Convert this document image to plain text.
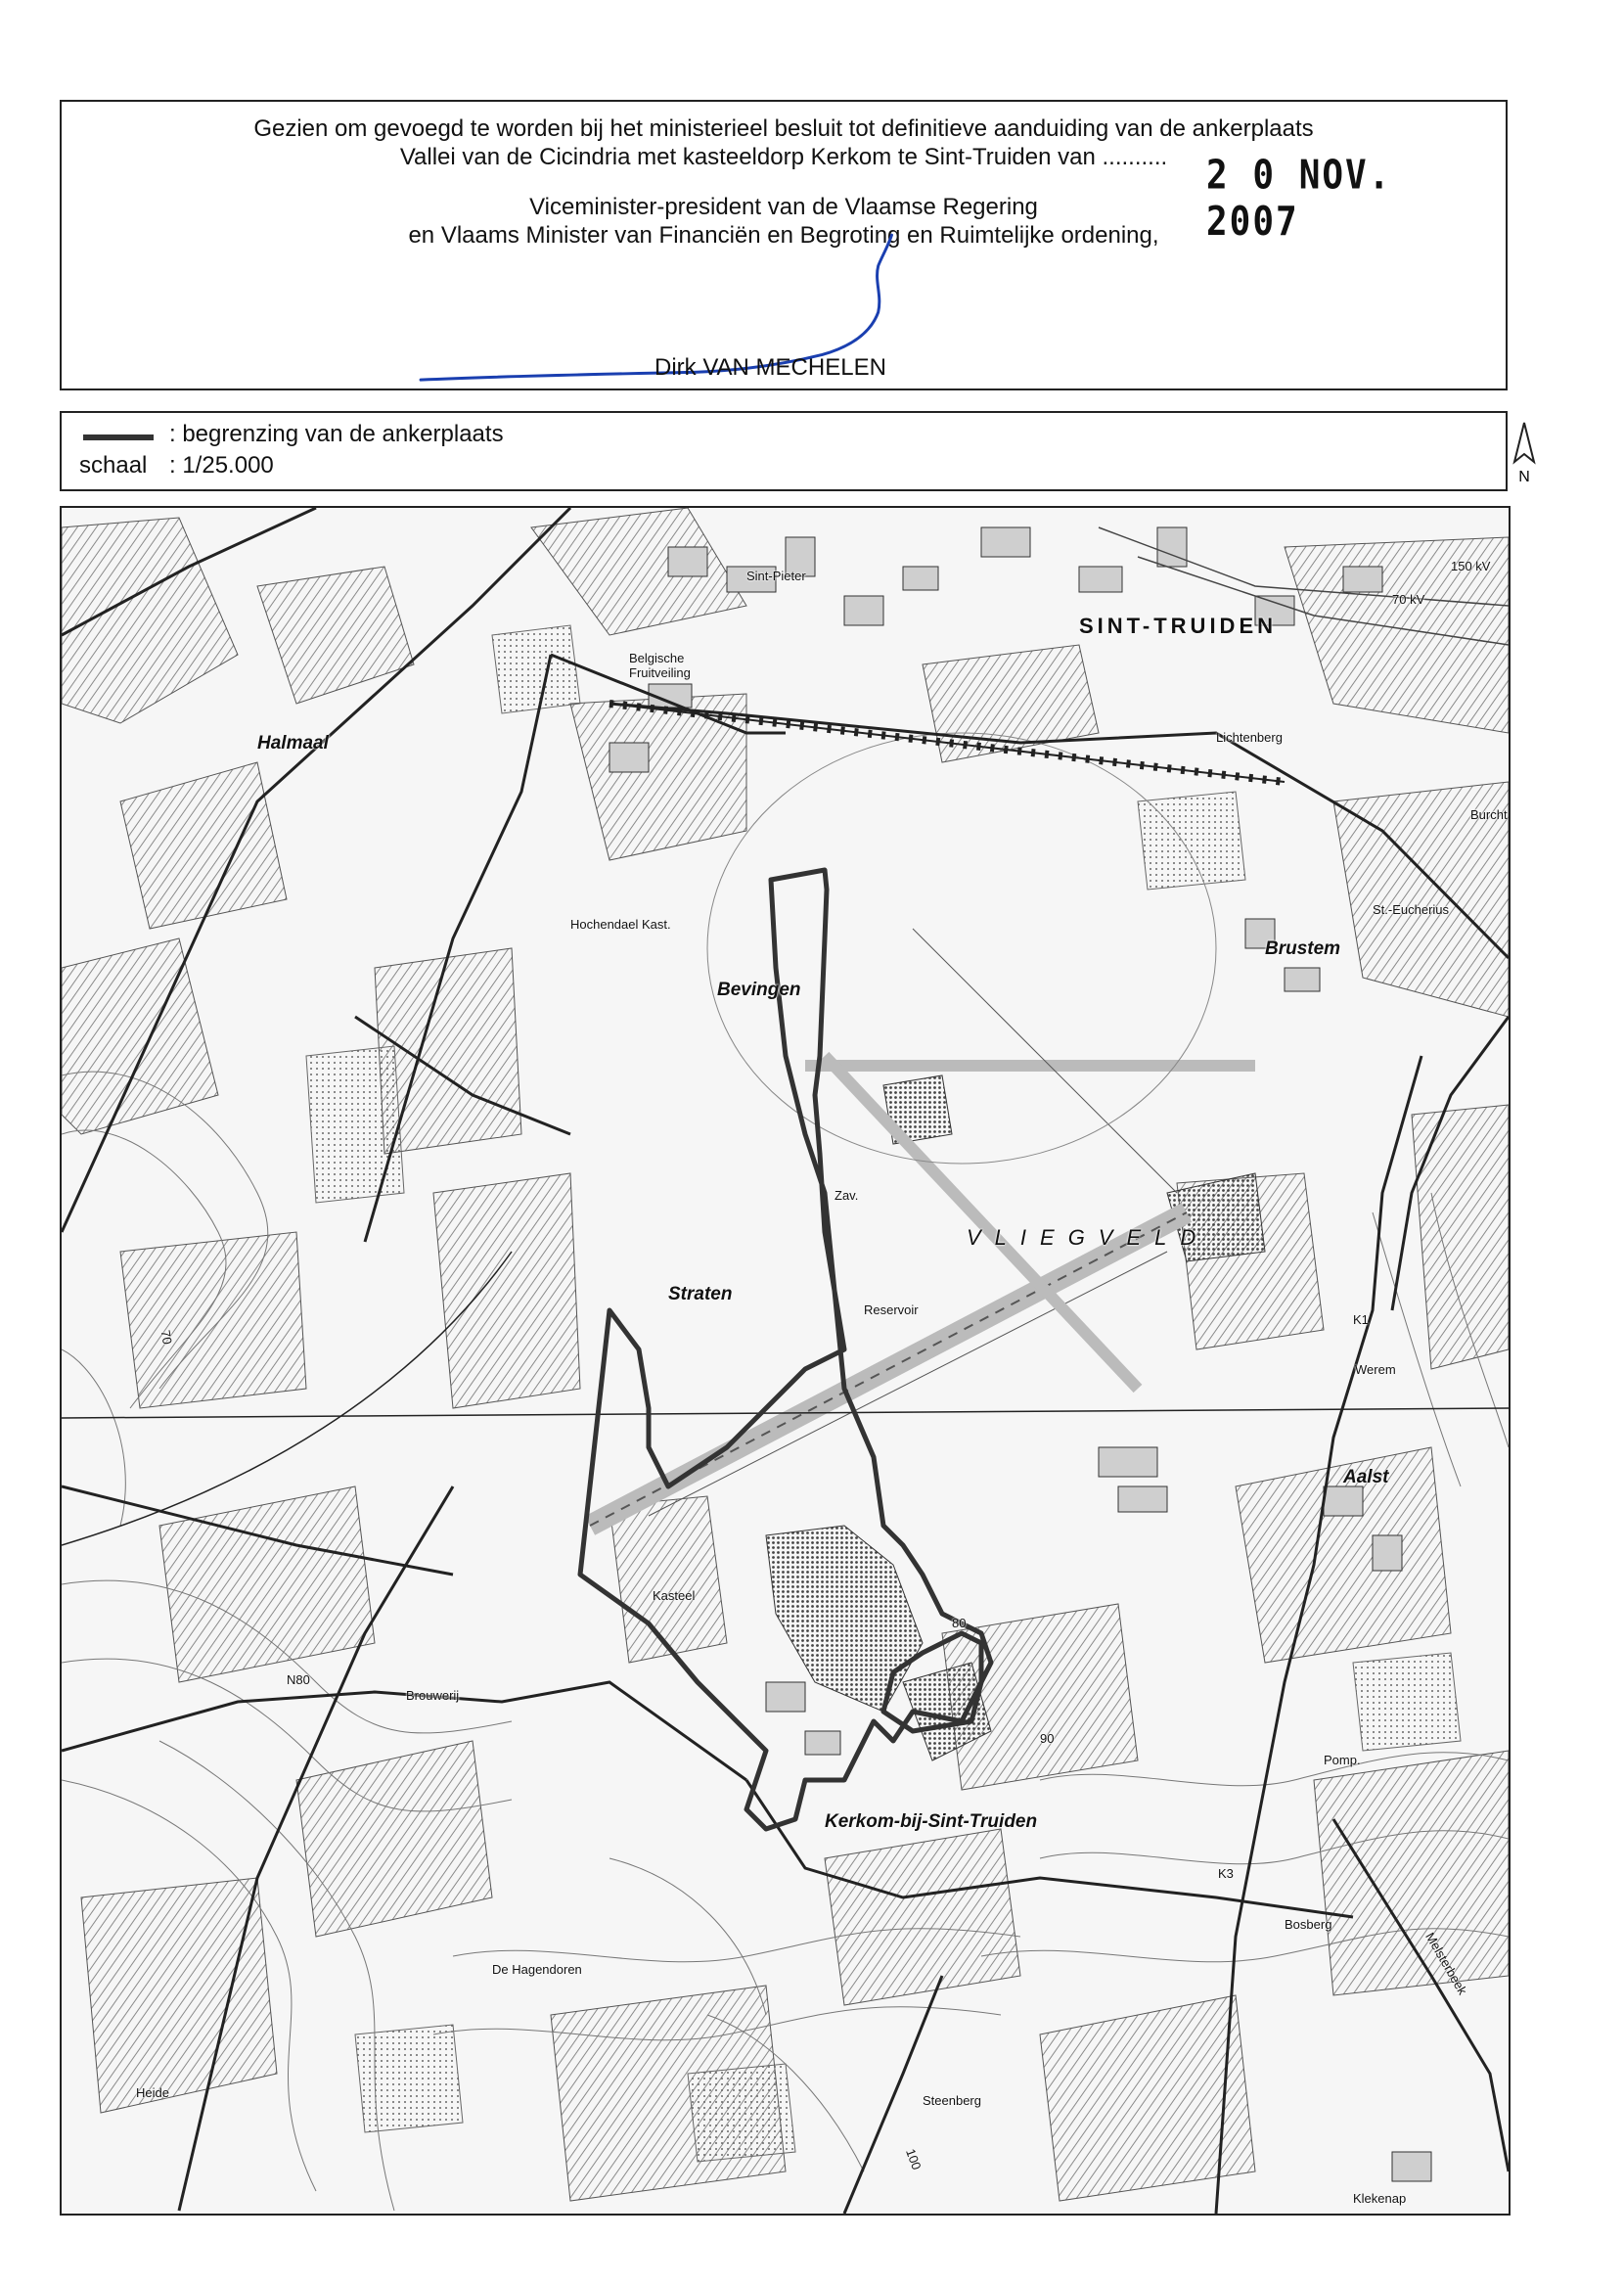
Gezien om gevoegd te worden bij het ministerieel besluit tot definitieve aanduiding van de ankerplaats
Vallei van de Cicindria met kasteeldorp Kerkom te Sint-Truiden van ..........	2 0 NOV. 2007
Viceminister-president van de Vlaamse Regering
en Vlaams Minister van Financiën en Begroting en Ruimtelijke ordening,
Dirk VAN MECHELEN
: begrenzing van de ankerplaats
schaal : 1/25.000	N
SINT-TRUIDEN
Sint-Pieter
Belgische Fruitveiling
Halmaal
Hochendael Kast.
Bevingen
Brustem
St.-Eucherius
Burcht
Lichtenberg
VLIEGVELD
Straten
Zav.
Reservoir
Aalst
Werem
Kasteel
Brouwerij
Kerkom-bij-Sint-Truiden
De Hagendoren
Pomp.
Bosberg
Melsterbeek
Heide
Steenberg
Klekenap
N80
K1
K3
70
80
90
100
150 kV
70 kV
